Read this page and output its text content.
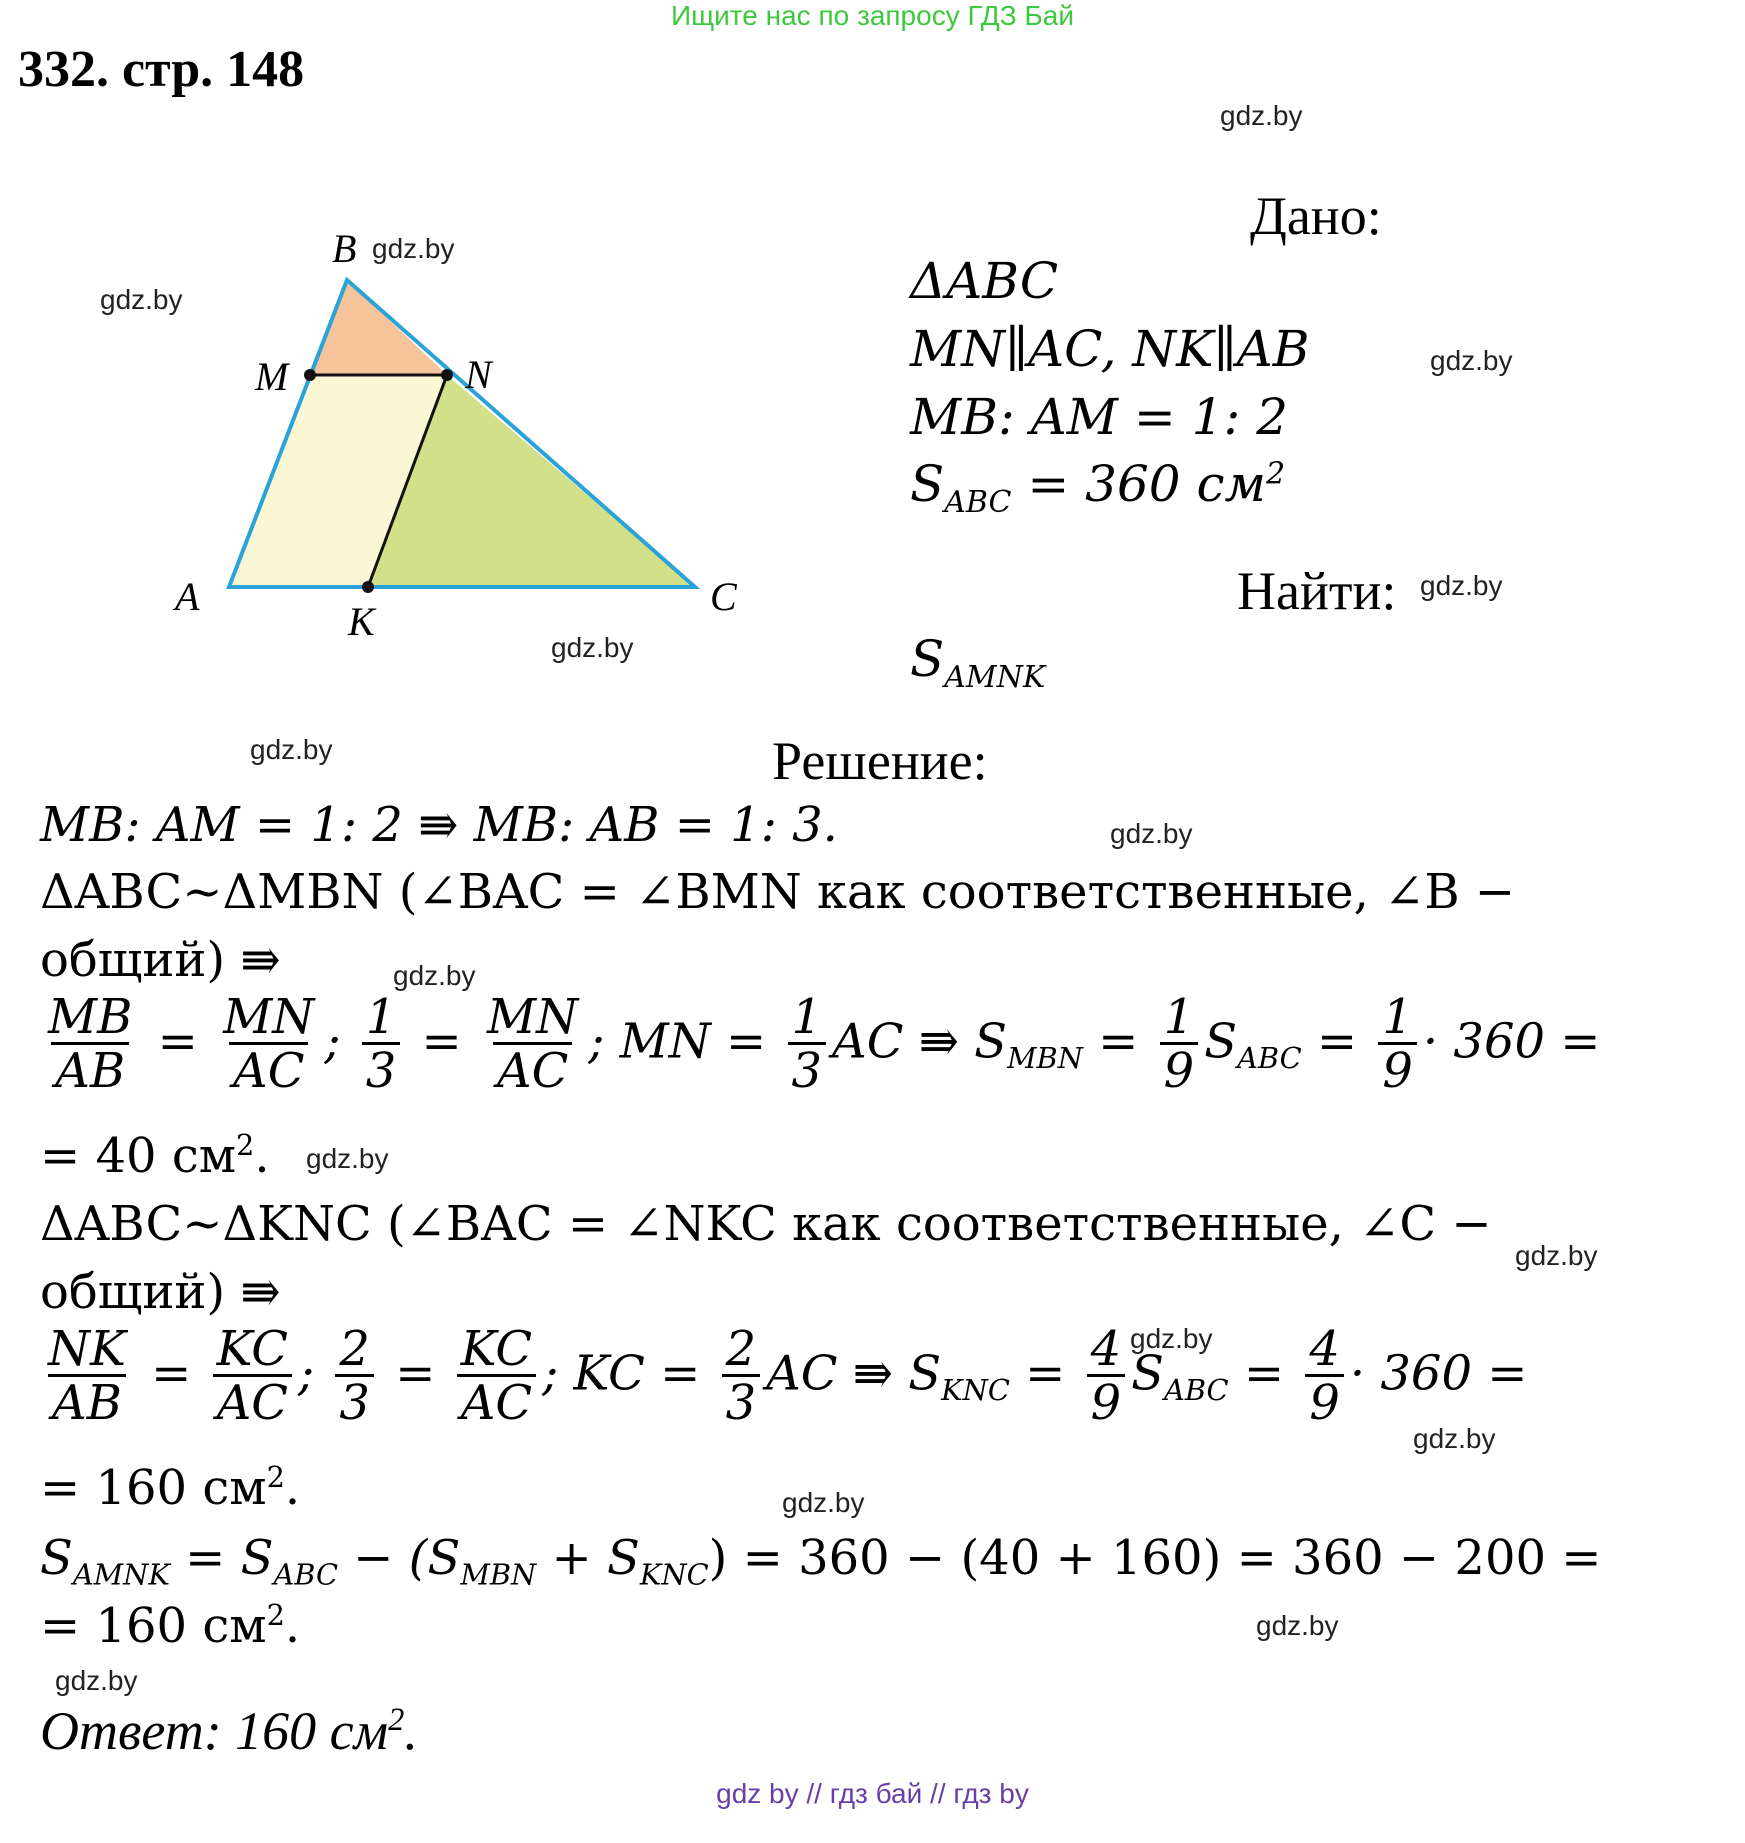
Ищите нас по запросу ГДЗ Бай
332. стр. 148
gdz.by
gdz.by
gdz.by
gdz.by
gdz.by
gdz.by
gdz.by
gdz.by
gdz.by
gdz.by
gdz.by
gdz.by
gdz.by
gdz.by
gdz.by
gdz.by
B
M	N
A
K
C
Дано:
ΔABC
MN∥AC, NK∥AB
MB: AM = 1: 2
$S_{ABC} = 360$ $см^2$
Найти:
$S_{AMNK}$
Решение:
MB: AM = 1: 2 ⇛ MB: AB = 1: 3.
ΔABC~ΔMBN (∠BAC = ∠BMN как соответственные, ∠B −
общий) ⇛
$\frac{MB}{AB} = \frac{MN}{AC}$ ; $\frac{1}{3} = \frac{MN}{AC}$ ; MN = $\frac{1}{3}$ AC ⇛ $S_{MBN} = \frac{1}{9} S_{ABC} = \frac{1}{9} \cdot 360$ =
= 40 $см^2$.
ΔABC~ΔKNC (∠BAC = ∠NKC как соответственные, ∠C −
общий) ⇛
$\frac{NK}{AB} = \frac{KC}{AC}$ ; $\frac{2}{3} = \frac{KC}{AC}$ ; KC = $\frac{2}{3}$ AC ⇛ $S_{KNC} = \frac{4}{9} S_{ABC} = \frac{4}{9} \cdot 360$ =
= 160 $см^2$.
$S_{AMNK} = S_{ABC} - (S_{MBN} + S_{KNC}) = 360 - (40 + 160) = 360 - 200$ =
= 160 $см^2$.
Ответ: 160 $см^2$.
gdz by // гдз бай // гдз by
